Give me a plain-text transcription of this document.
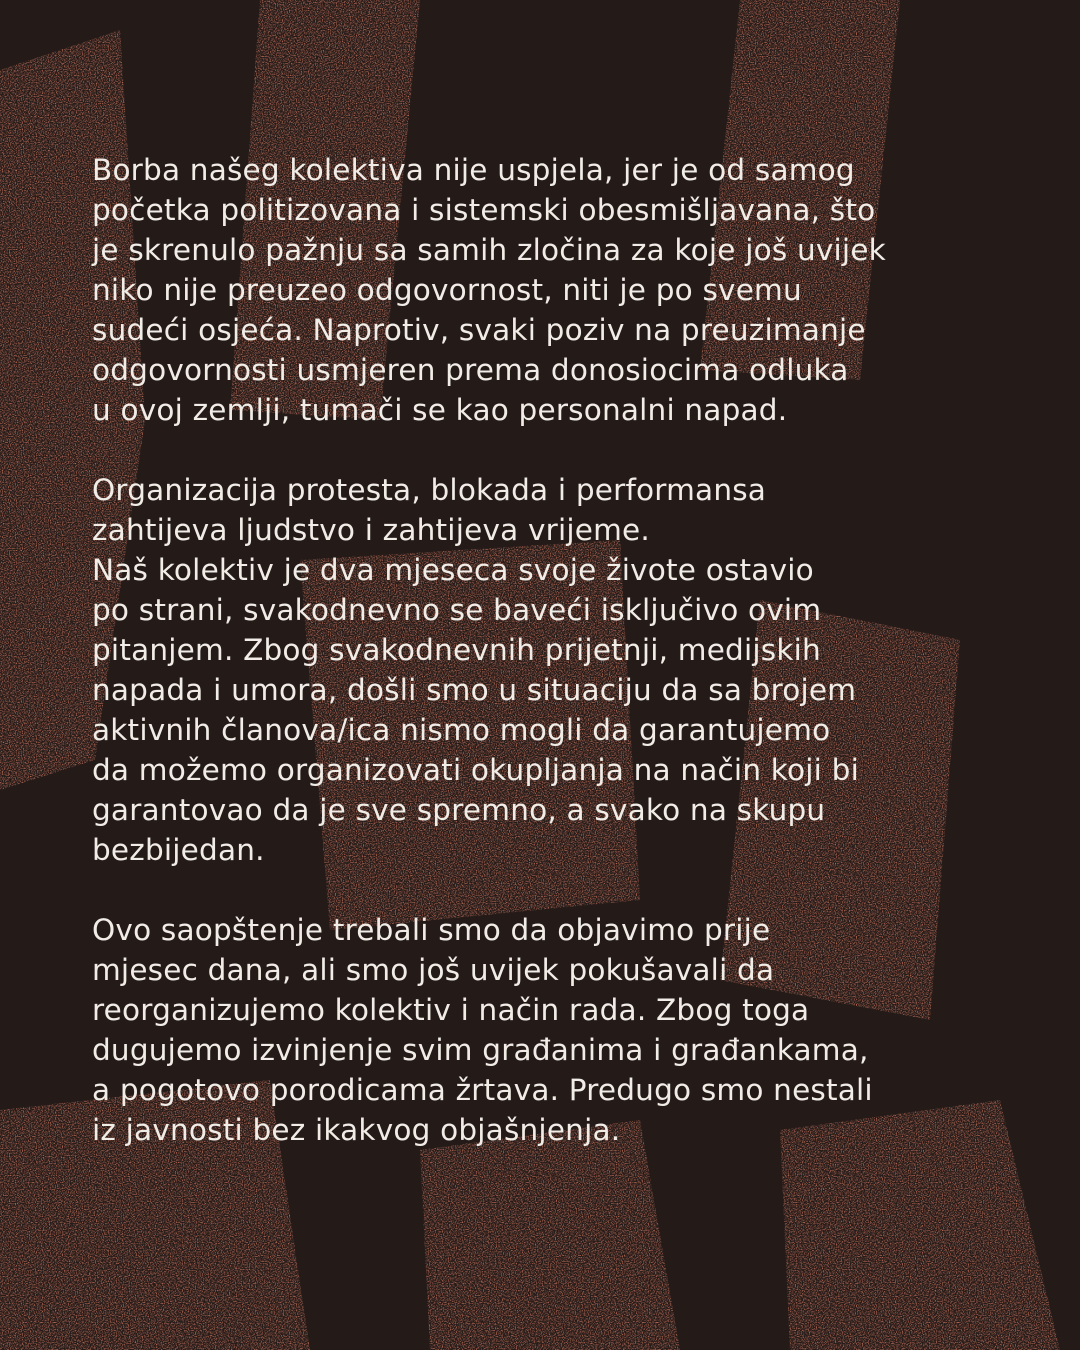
Borba našeg kolektiva nije uspjela, jer je od samog
početka politizovana i sistemski obesmišljavana, što
je skrenulo pažnju sa samih zločina za koje još uvijek
niko nije preuzeo odgovornost, niti je po svemu
sudeći osjeća. Naprotiv, svaki poziv na preuzimanje
odgovornosti usmjeren prema donosiocima odluka
u ovoj zemlji, tumači se kao personalni napad.
Organizacija protesta, blokada i performansa
zahtijeva ljudstvo i zahtijeva vrijeme.
Naš kolektiv je dva mjeseca svoje živote ostavio
po strani, svakodnevno se baveći isključivo ovim
pitanjem. Zbog svakodnevnih prijetnji, medijskih
napada i umora, došli smo u situaciju da sa brojem
aktivnih članova/ica nismo mogli da garantujemo
da možemo organizovati okupljanja na način koji bi
garantovao da je sve spremno, a svako na skupu
bezbijedan.
Ovo saopštenje trebali smo da objavimo prije
mjesec dana, ali smo još uvijek pokušavali da
reorganizujemo kolektiv i način rada. Zbog toga
dugujemo izvinjenje svim građanima i građankama,
a pogotovo porodicama žrtava. Predugo smo nestali
iz javnosti bez ikakvog objašnjenja.
